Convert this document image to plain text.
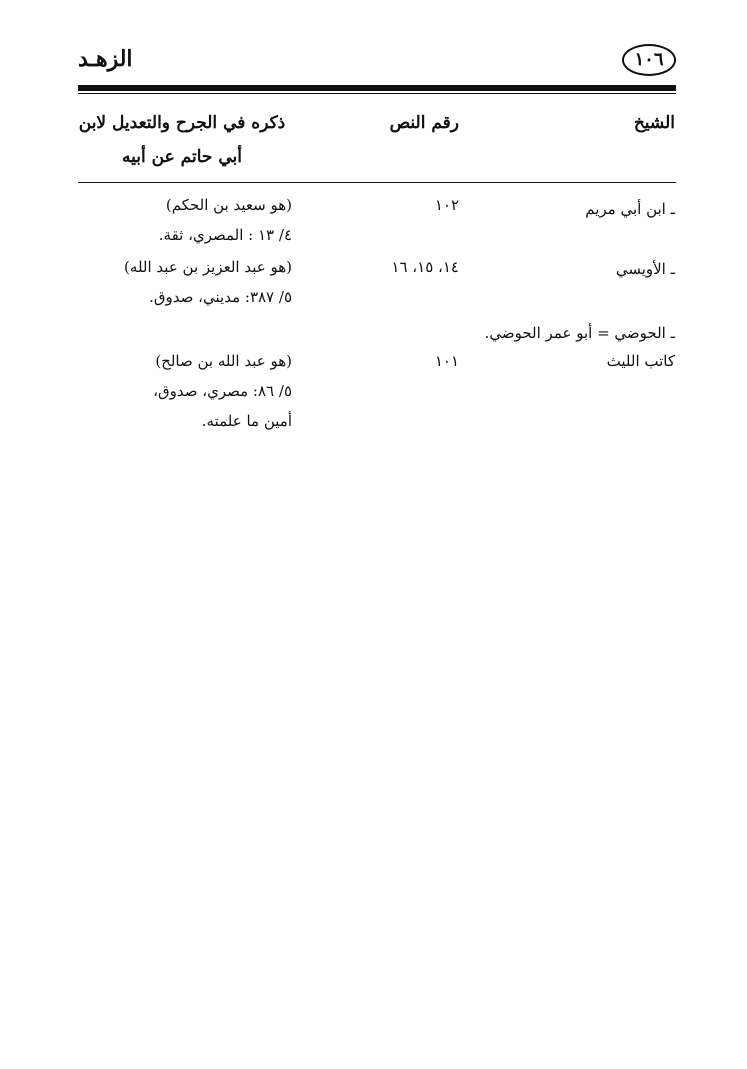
الزهـد	١٠٦
الشيخ
رقم النص
ذكره في الجرح والتعديل لابن
أبي حاتم عن أبيه
ـ ابن أبي مريم
١٠٢
(هو سعيد بن الحكم)
٤/ ١٣ : المصري، ثقة.
ـ الأويسي
١٤، ١٥، ١٦
(هو عبد العزيز بن عبد الله)
٥/ ٣٨٧: مديني، صدوق.
ـ الحوضي = أبو عمر الحوضي.
كاتب الليث
١٠١
(هو عبد الله بن صالح)
٥/ ٨٦: مصري، صدوق،
أمين ما علمته.
